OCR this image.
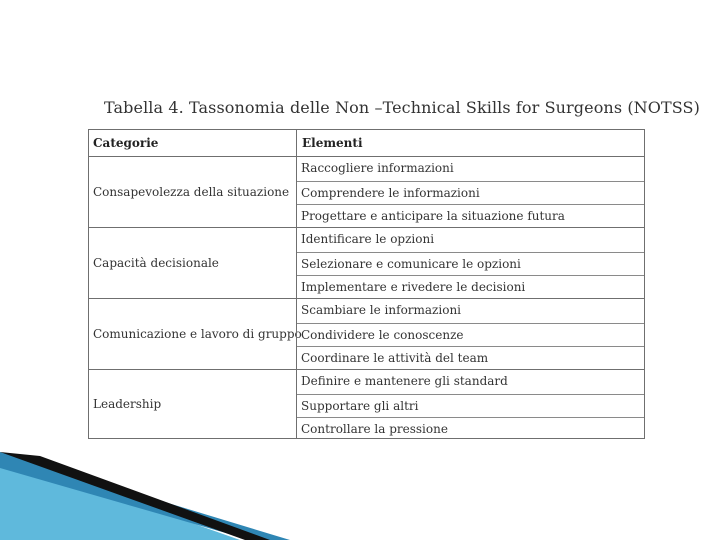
Tabella 4. Tassonomia delle Non –Technical Skills for Surgeons (NOTSS)
Categorie	Elementi
Consapevolezza della situazione
Raccogliere informazioni
Comprendere le informazioni
Progettare e anticipare la situazione futura
Capacità decisionale
Identificare le opzioni
Selezionare e comunicare le opzioni
Implementare e rivedere le decisioni
Comunicazione e lavoro di gruppo
Scambiare le informazioni
Condividere le conoscenze
Coordinare le attività del team
Leadership
Definire e mantenere gli standard
Supportare gli altri
Controllare la pressione
